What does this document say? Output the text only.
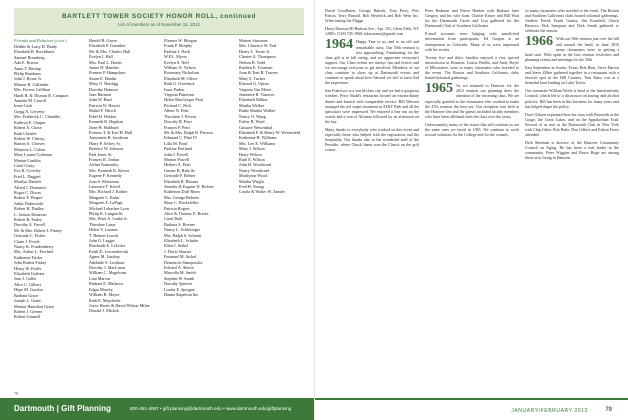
BARTLETT TOWER SOCIETY HONOR ROLL, continued
List of members as of November 15, 2012
Friends and Relatives (cont.)
Debbie & Larry D. Brady
Elizabeth B. Brockhurst
Samuel Bromberg
Ada E. Brown
Anna T. Burnap
Philip Burnham
John J. Byrne Jr.
Marion H. Callender
Mrs. Forrest Callihan
Hardi R. & Thomas R. Campion
Annette M. Carroll
Irene Cash
Gregg A. Cerveny
Mrs. Frederick C. Chandler
Kathryn E. Chapin
Robert A. Chase
Ruth Chrisler
Robert W. Christy
Burton A. Cleaves
Marjorie L. Cohen
Mary Louise Coleman
Marian Conklin
Carol Conty
Eva R. Crowley
Fred L. Daggett
Marilyn Daniels
Alfred J. Demarest
Roger C. Dixon
Robert F. Draper
Julius Dubrowski
Robert H. Dudley
L. Judson Dunavan
Robert B. Earley
Dorothy A. Farrell
Mr. & Mrs. Robert J. Finney
Gertrude C. Fisher
Claire J. Fowle
Nancy K. Frankenberry
Mrs. Arthur L. Frechtel
Katherine Fricke
John Robert Friday
Henry W. Fuller
Elizabeth Gaffney
Jean I. Gallet
Alice C. Gilbert
Hope M. Gordon
Barbara Grace
Joseph L. Grant
Marion Hamilton Grant
Robert J. Greene
Robert Grinnell
Harold B. Grove
Elizabeth P. Guenther
Mr. & Mrs. Charles Hall
Evelyn J. Hall
Mrs. Paul L. Hasler
James H. Hamlen
Frances P. Hampshire
Susan E. Hanlin
Mary O. Hardigg
Dorothy Harmon
Jean Harmon
John W. Hauf
Patricia W. Hewitt
Mabel F. Hirsch
Ethel H. Holden
Kenneth R. Hopkins
Janet H. Hubbard
Frances T. & Earl H. Hull
Antoinette B. Jacobson
Harry P. Jeffrey Sr.
Beatrice W. Johnson
Paul Jones Sr.
Frances R. Jordan
Arthur Kaminsky
Mrs. Kenneth K. Keiser
Eugene F. Kennedy
Joan S. Kleinman
Laurence T. Kovel
Mrs. Richard J. Kohler
Margaret L. Kuhn
Margaret E. LaPage
Michael Lebacher Lyon
Philip K. Langan Sr.
Mrs. Peter A. Lanke Jr.
Theodore Lazar
Helen V. Lazarus
T. Benton Leavitt
John G. Legget
Eberhardt E. LeLisler
Keith D. Lewandowski
Agnes M. Lindsay
Adelaide S. Lockhart
Dorothy J. MacLaren
William C. Magelssen
Lina Marcus
Barbara E. Mathews
Edgar Mawby
William B. Mayer
Ruth E. Mayrhofer
Joyce Harris & David Wilson Milne
Donald J. Mislick
Eleanor W. Morgan
Frank P. Murphy
Pauline J. Nash
W.P.L. Myers
Evelyn S. Neff
William N. Nelson
Rosemary Nicholson
Elizabeth M. Oliver
Ruth G. Overbeck
Isaac Parker
Virginia Patterson
Helen MacGregor Paul
Richard C. Peck
Albert N. Petit
Theodore J. Pevear
Dorothy R. Petri
Frances P. Petri
Mr. & Mrs. Ralph R. Pierson
Edmund C. Platt IV
Lilla M. Pond
Pauline Portland
John J. Powell
Marion Powell
Herbert A. Pratt
Gustav B. Rahr Sr.
Gertrude F. Rehrer
Elizabeth R. Rhoner
Jennifer & Eugene D. Richter
Katherine Duff Rines
Mrs. George Roberts
Mary C. Rockefeller
Patricia Rogers
Alice & Thomas E. Rooke
Carol Roth
Barbara S. Rovner
Nancy L. Schlesinger
Mrs. Ralph S. Schmitt
Elizabeth L. Schuler
Ellen J. Seibel
J. Davis Shuster
Emanuel M. Sickel
Demetrios Simopoulos
Edward A. Slavin
Marcella M. Smith
Stephen W. Smith
Dorothy Spencer
Louise E. Sprague
Hanna Stapelton Inc.
Marion Strassner
Mrs. Clarence W. Teal
Henry L. Terrie Jr.
Chester A. Thompson
Nelson B. Todd
Rueben E. Toorman
Joan & Toni R. Towers
Mary S. Tucker
Edward G. Upton
Virginia Van Meter
Jeannette B. Vanover
Elizabeth Walker
Martha Walker
Ruthe Martha Walker
Nancy O. Wang
Esther R. Ward
Gustave Weisenthal
Elizabeth F. & Henry W. Weisenfeld
Katherine H. Williams
Mrs. Leo E. Williams
Mary J. Wilson
Harry Wilson
Ruth E. Wilson
John H. Woodward
Nancy Woodward
Marilynne Wood
Martha Wright
Fred H. Young
Carola & Walter W. Zander
78
Dartmouth | Gift Planning	800-451-4067 • gift.planning@dartmouth.edu • www.dartmouth.edu/giftplanning

David Goodbrien, George Hattick, Tom Perry, Pete Patron, Terry Russell, Bob Heydrick and Bob Wein Inc. Wine-tasting the Flagge.

Harry Dawson 80 Hudson Ave., Apt. 101, Glens Falls, NY 12801; (518) 745-1960; hdawsonny@gmail.com

1964 Happy Year to us, and to an old and remarkable class. Our 50th reunion is fast approaching. Fundraising for the class gift is in full swing, and we appreciate everyone's support. Our Class events are always fun and festive and we encourage everyone to get involved. Members of our class continue to show up at Dartmouth events and continue to speak about how blessed we feel to have had the experience.

San Francisco is a world-class city and we had a gorgeous weather. Perry Budd's restaurant hosted an extraordinary dinner and brunch with comparable service. Bill Weiwen arranged the red carpet treatment at AT&T Park and all the spectators were impressed. We enjoyed a fine run on the course and a tour of Alcatraz followed by an afternoon on the bay.

Many thanks to everybody who worked on this event and especially those who helped with the registration and the hospitality. Our thanks also to the wonderful staff of the Presidio, where Chuck Santa won the Classic on the golf course.

Peter Redman and Pierre Hanlon with Barbara Jane Gregory and his wife Joan, Charlie Kriner and Bill Watt for the Dartmouth Carter and Lisa gathered for the Dartmouth Club of Southern California.

E-mail accounts were bulging with unsolicited information from participants. Ed Gorgon is an entrepreneur in Colorado. Many of us were impressed with his stories.

Twenty five and thirty families enjoyed a very special intermission in Houston. Louise Beelbi, and Andy Boyle of Milwaukee, were so many classmates who traveled to the event. The Boston and Southern California clubs hosted informal gatherings.

1965 As we returned to Hanover for the 2012 reunion our planning drew the attention of the incoming class. We are especially grateful to the classmates who worked to make the 47th reunion the best yet. Our reception was held at the Hanover Inn and the guests included faculty members who have been affiliated with the class over the years.

Unfortunately, many of the issues that still confront us are the same ones we faced in 1965. We continue to work toward solutions for the College and for the country.

so many classmates who traveled to the event. The Boston and Southern California clubs hosted informal gatherings. Andrew Freed, Frank Gantsy, Jim Kornfeld, Chuck Barrows, Bob Sampson and Dick Smith gathered to celebrate the season.

1966 With our 50th reunion just over the hill and around the bend, in June 2016 many classmates were in getting a head start. With spirit in the first reunion festivities and planning events and meetings for the 50th.

East September in Austin, Texas, Bob Bent, Steve Darron and Steve Zilber gathered together in a restaurant with a favorite spot in the Hill Country. Tom Shaw was at a beautiful boat landing on Lake Travis.

Our classmate William Wolfe is head of the Interfraternity Council, which led to a discussion on hazing and alcohol policies. Bill has been in this business for many years and has helped shape the policy.

Dave Gibson explained how his class with Reynolds at the Gorge, the Great Lakes, and on the Appalachian Trail. Several of us met at the Dartmouth Club in New York with Chip Giber. Bob Raile, Dan Gilbert and Edwin Ferris attended.

Dick Sherman is director of the Hanover Community Council on Aging. He has been a real leader in the community. Peter Wiggins and Bruce Hoge are among those now living in Hanover.

JANUARY/FEBRUARY 2013	79
